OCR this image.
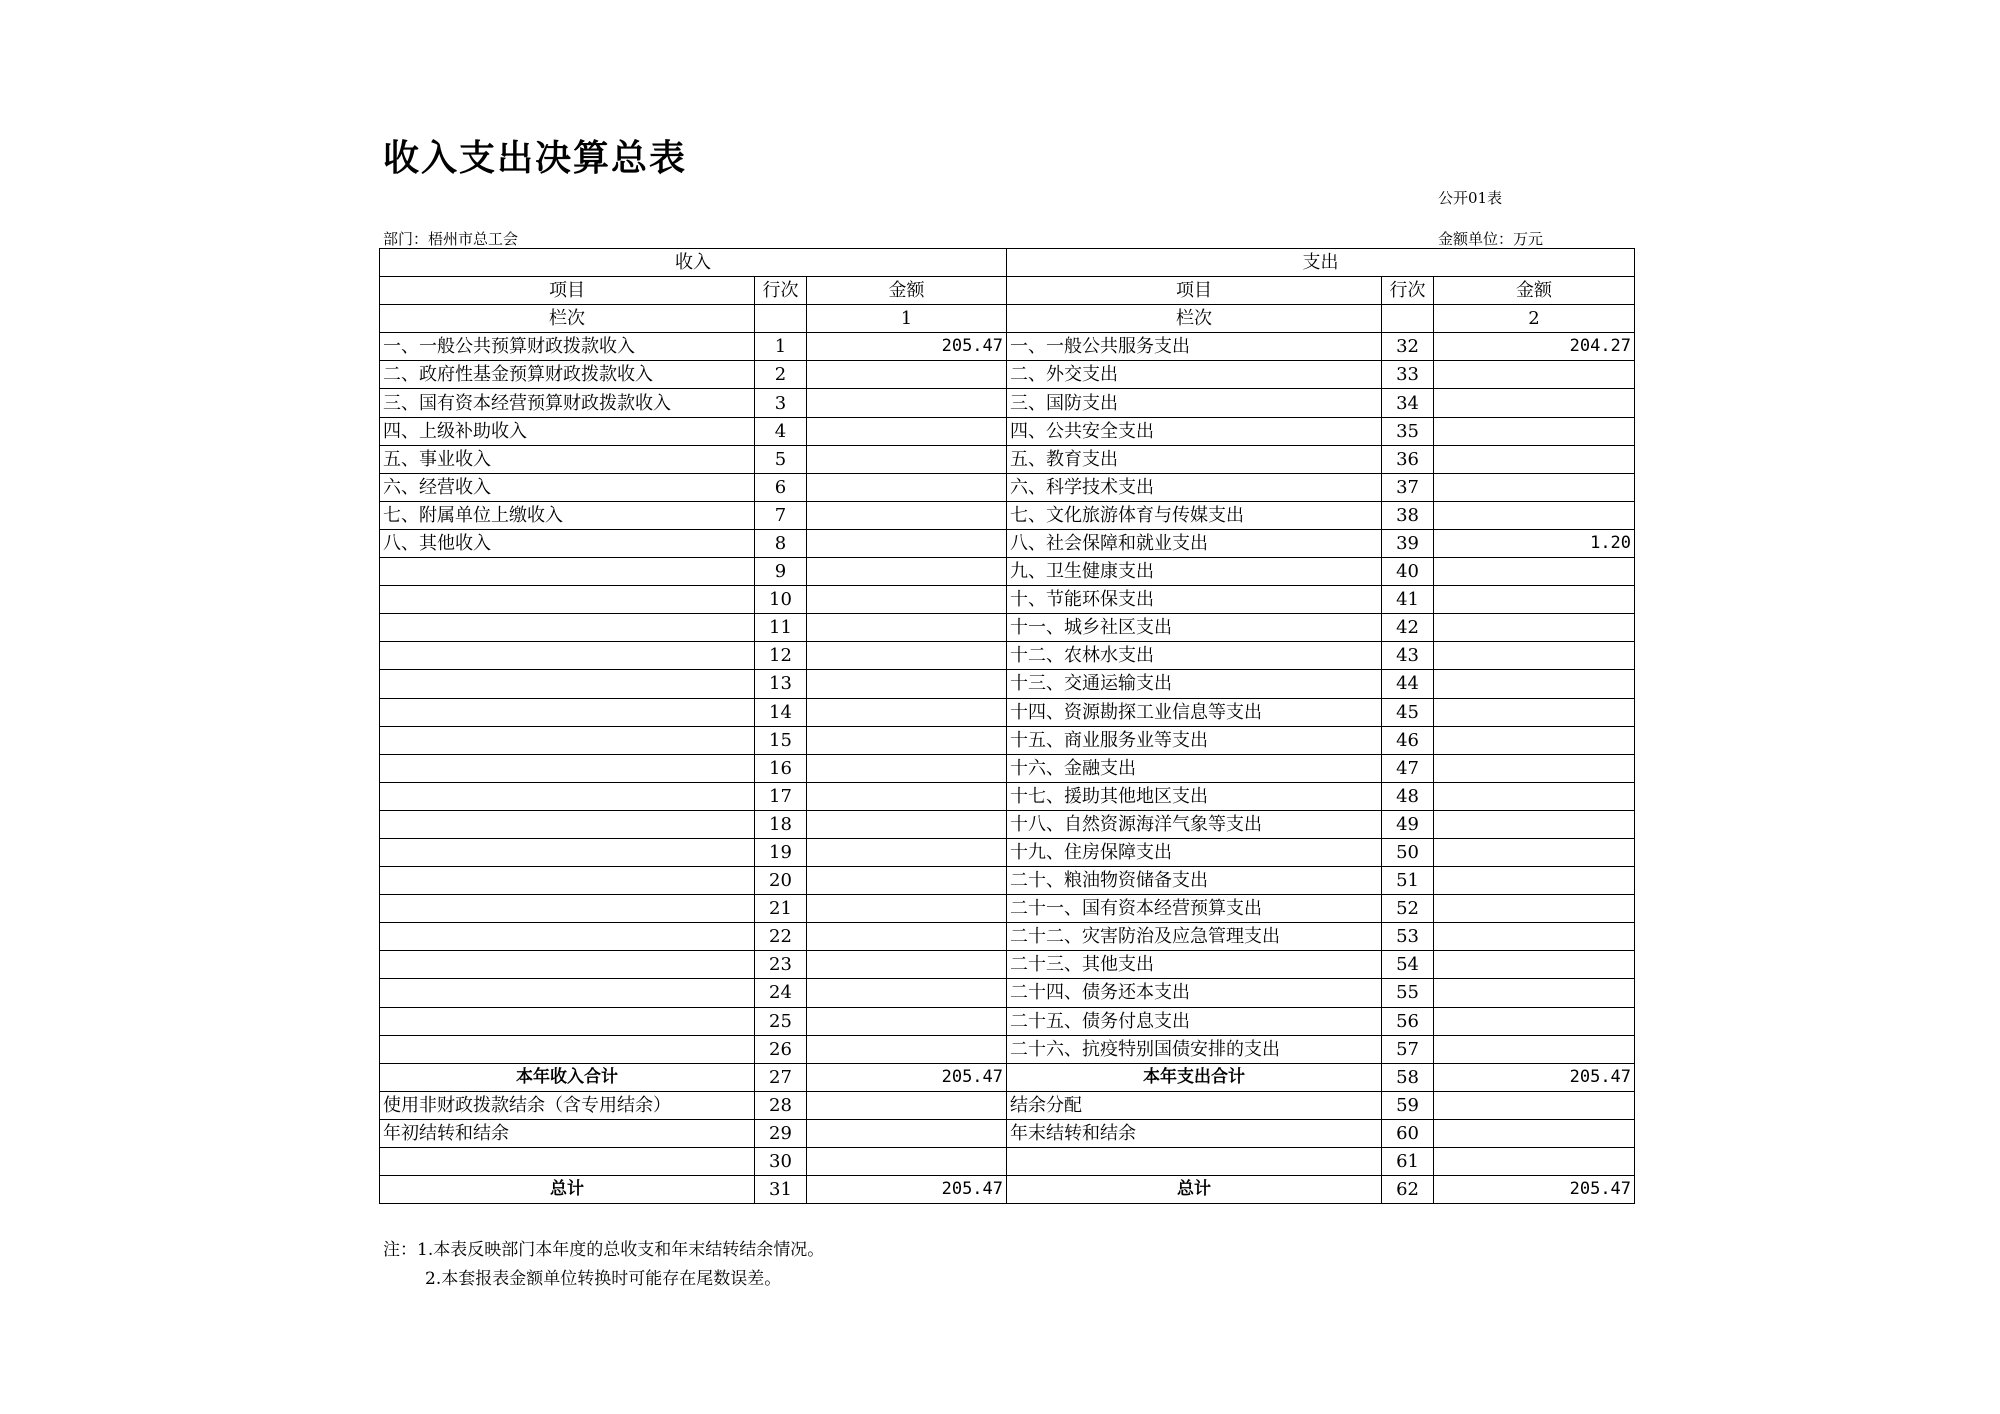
收入支出决算总表
公开01表
部门：梧州市总工会	金额单位：万元
收入			支出		
项目	行次	金额	项目	行次	金额
栏次		1	栏次		2
一、一般公共预算财政拨款收入	1	205.47	一、一般公共服务支出	32	204.27
二、政府性基金预算财政拨款收入	2		二、外交支出	33	
三、国有资本经营预算财政拨款收入	3		三、国防支出	34	
四、上级补助收入	4		四、公共安全支出	35	
五、事业收入	5		五、教育支出	36	
六、经营收入	6		六、科学技术支出	37	
七、附属单位上缴收入	7		七、文化旅游体育与传媒支出	38	
八、其他收入	8		八、社会保障和就业支出	39	1.20
	9		九、卫生健康支出	40	
	10		十、节能环保支出	41	
	11		十一、城乡社区支出	42	
	12		十二、农林水支出	43	
	13		十三、交通运输支出	44	
	14		十四、资源勘探工业信息等支出	45	
	15		十五、商业服务业等支出	46	
	16		十六、金融支出	47	
	17		十七、援助其他地区支出	48	
	18		十八、自然资源海洋气象等支出	49	
	19		十九、住房保障支出	50	
	20		二十、粮油物资储备支出	51	
	21		二十一、国有资本经营预算支出	52	
	22		二十二、灾害防治及应急管理支出	53	
	23		二十三、其他支出	54	
	24		二十四、债务还本支出	55	
	25		二十五、债务付息支出	56	
	26		二十六、抗疫特别国债安排的支出	57	
本年收入合计	27	205.47	本年支出合计	58	205.47
使用非财政拨款结余（含专用结余）	28		结余分配	59	
年初结转和结余	29		年末结转和结余	60	
	30			61	
总计	31	205.47	总计	62	205.47
注：1.本表反映部门本年度的总收支和年末结转结余情况。
2.本套报表金额单位转换时可能存在尾数误差。
